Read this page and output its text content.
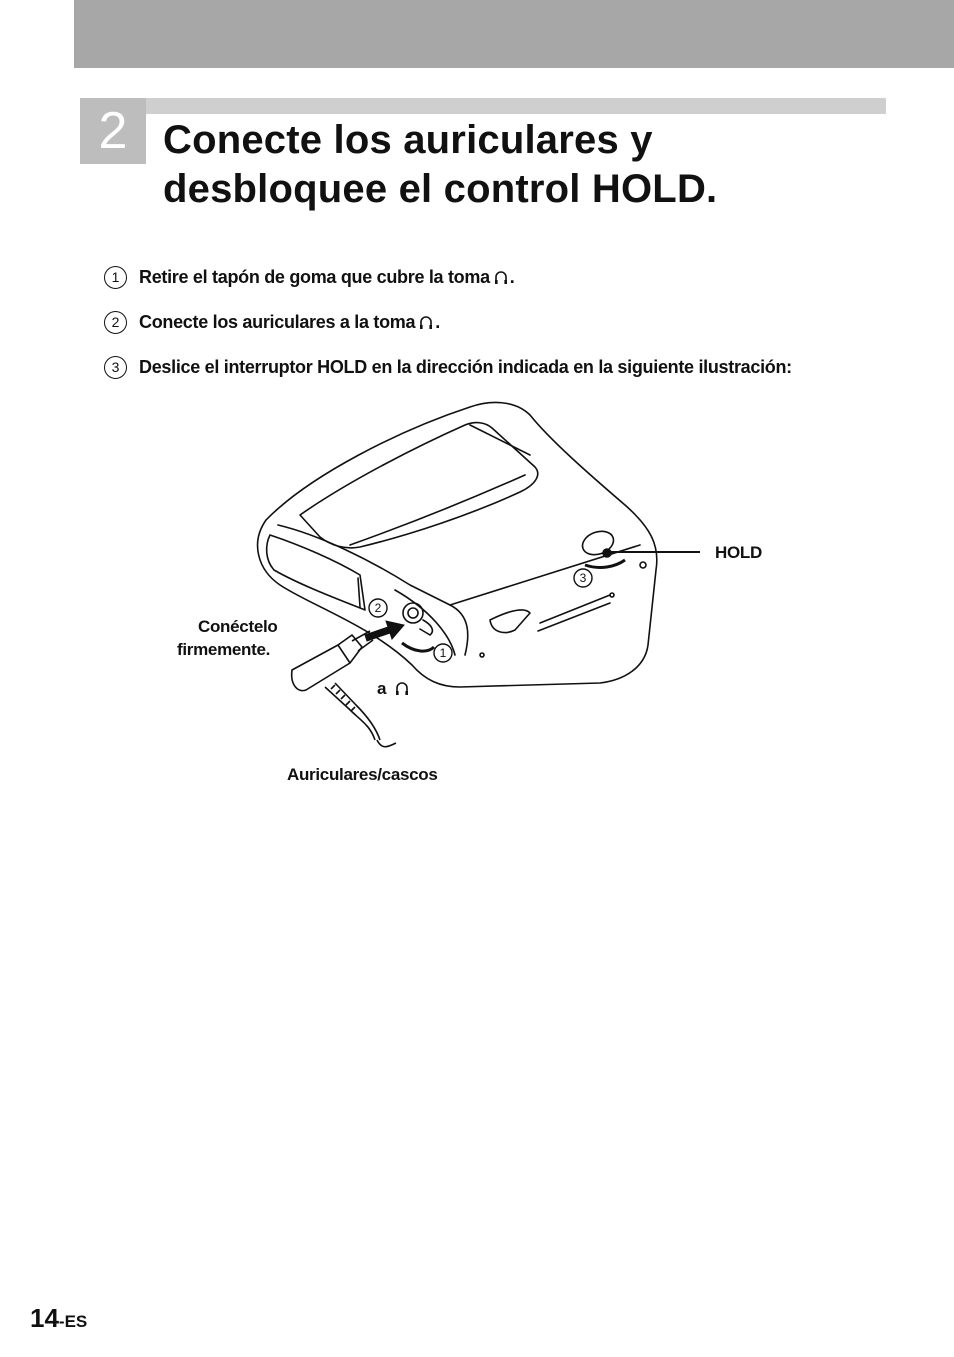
2 Conecte los auriculares y
desbloquee el control HOLD.
1	Retire el tapón de goma que cubre la toma .
2	Conecte los auriculares a la toma .
3	Deslice el interruptor HOLD en la dirección indicada en la siguiente ilustración:
3
2
1
HOLD
Conéctelo
firmemente.
a
Auriculares/cascos
14-ES
